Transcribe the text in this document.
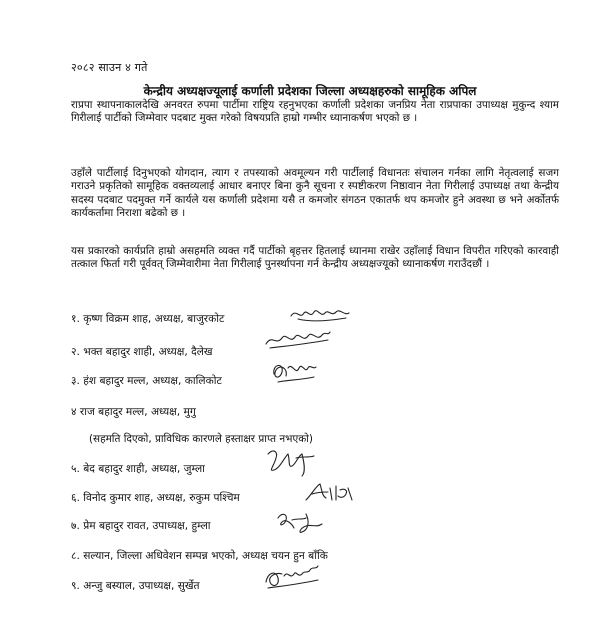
२०८२ साउन ४ गते
केन्द्रीय अध्यक्षज्यूलाई कर्णाली प्रदेशका जिल्ला अध्यक्षहरुको सामूहिक अपिल

राप्रपा स्थापनाकालदेखि अनवरत रुपमा पार्टीमा राष्ट्रिय रहनुभएका कर्णाली प्रदेशका जनप्रिय नेता राप्रपाका उपाध्यक्ष मुकुन्द श्याम गिरीलाई पार्टीको जिम्मेवार पदबाट मुक्त गरेको विषयप्रति हाम्रो गम्भीर ध्यानाकर्षण भएको छ ।

उहाँले पार्टीलाई दिनुभएको योगदान, त्याग र तपस्याको अवमूल्यन गरी पार्टीलाई विधानतः संचालन गर्नका लागि नेतृत्वलाई सजग गराउने प्रकृतिको सामूहिक वक्तव्यलाई आधार बनाएर बिना कुनै सूचना र स्पष्टीकरण निष्ठावान नेता गिरीलाई उपाध्यक्ष तथा केन्द्रीय सदस्य पदबाट पदमुक्त गर्ने कार्यले यस कर्णाली प्रदेशमा यसै त कमजोर संगठन एकातर्फ थप कमजोर हुने अवस्था छ भने अर्कोतर्फ कार्यकर्तामा निराशा बढेको छ ।

यस प्रकारको कार्यप्रति हाम्रो असहमति व्यक्त गर्दै पार्टीको बृहत्तर हितलाई ध्यानमा राखेर उहाँलाई विधान विपरीत गरिएको कारवाही तत्काल फिर्ता गरी पूर्ववत् जिम्मेवारीमा नेता गिरीलाई पुनर्स्थापना गर्न केन्द्रीय अध्यक्षज्यूको ध्यानाकर्षण गराउँदछौं ।

१. कृष्ण विक्रम शाह, अध्यक्ष, बाजुरकोट
२. भक्त बहादुर शाही, अध्यक्ष, दैलेख
३. हंश बहादुर मल्ल, अध्यक्ष, कालिकोट
४ राज बहादुर मल्ल, अध्यक्ष, मुगु
(सहमति दिएको, प्राविधिक कारणले हस्ताक्षर प्राप्त नभएको)
५. बेद बहादुर शाही, अध्यक्ष, जुम्ला
६. विनोद कुमार शाह, अध्यक्ष, रुकुम पश्चिम
७. प्रेम बहादुर रावत, उपाध्यक्ष, हुम्ला
८. सल्यान, जिल्ला अधिवेशन सम्पन्न भएको, अध्यक्ष चयन हुन बाँकि
९. अन्जु बस्याल, उपाध्यक्ष, सुर्खेत
